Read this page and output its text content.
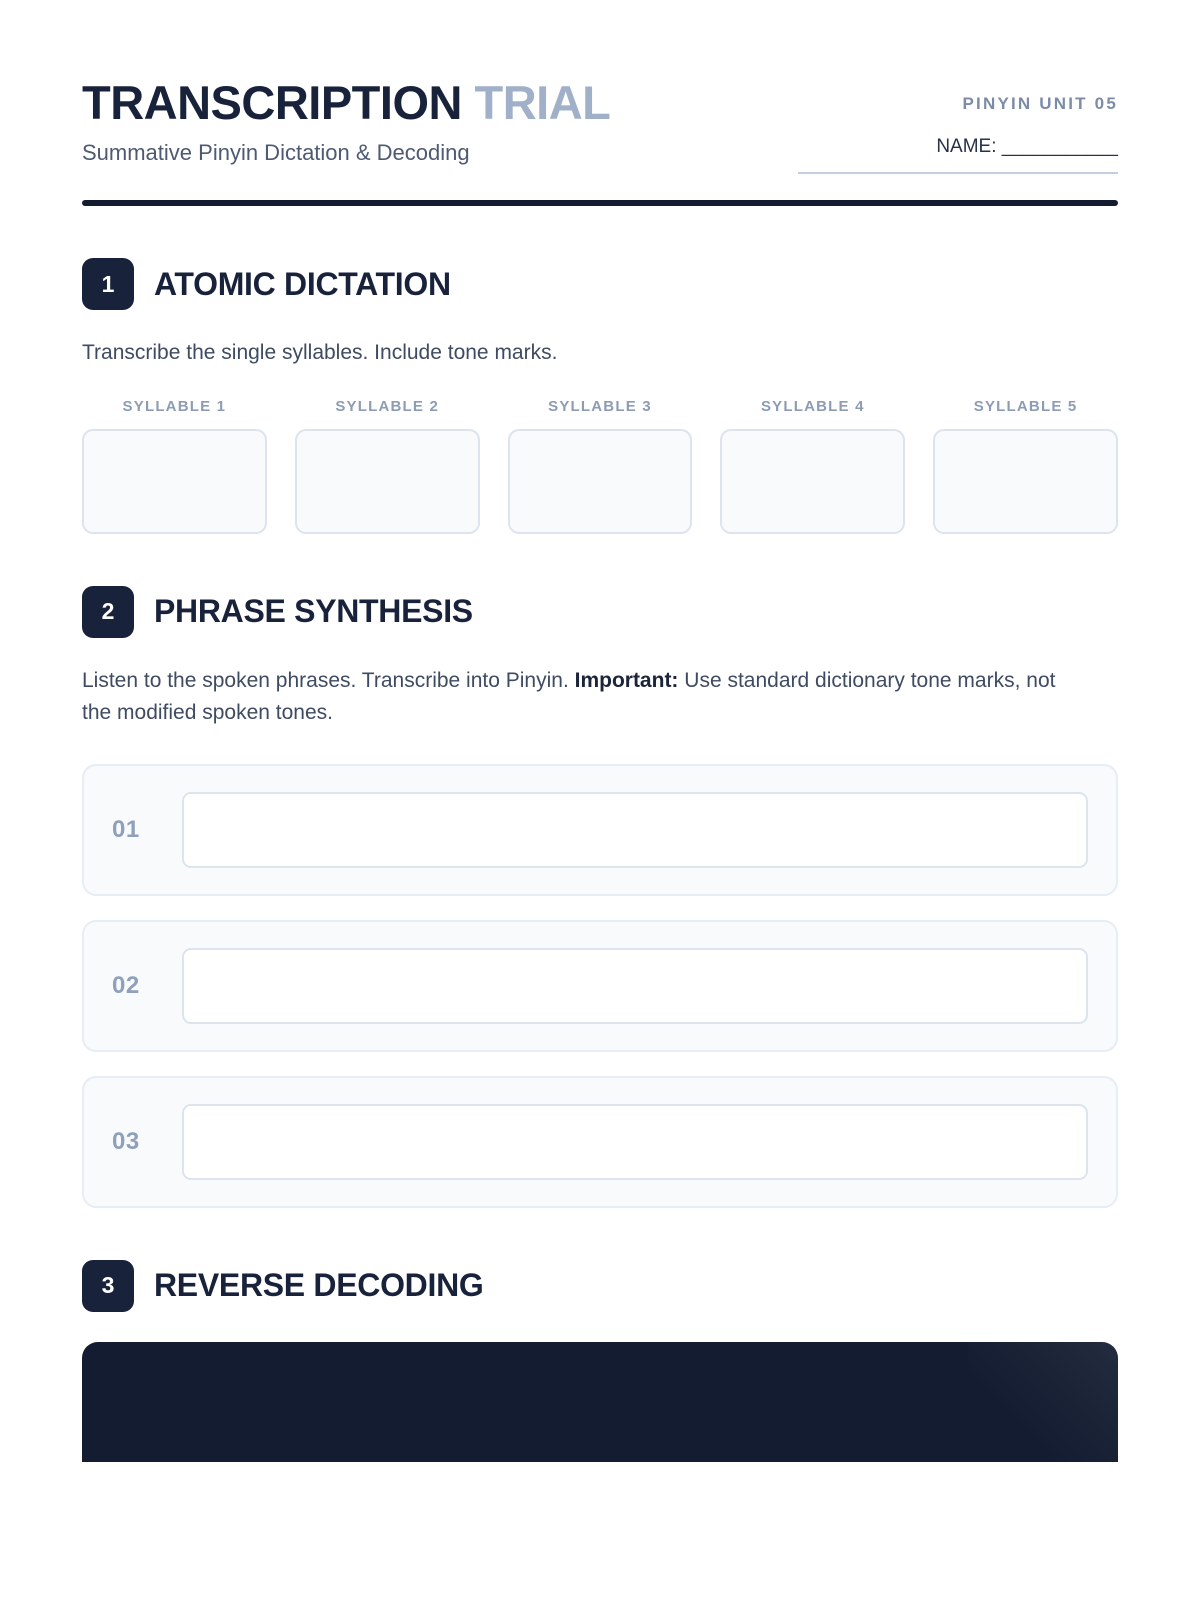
TRANSCRIPTION TRIAL
Summative Pinyin Dictation & Decoding
PINYIN UNIT 05
NAME: ___________
1	ATOMIC DICTATION
Transcribe the single syllables. Include tone marks.
SYLLABLE 1	SYLLABLE 2	SYLLABLE 3	SYLLABLE 4	SYLLABLE 5
2	PHRASE SYNTHESIS
Listen to the spoken phrases. Transcribe into Pinyin. Important: Use standard dictionary tone marks, not the modified spoken tones.
01
02
03
3	REVERSE DECODING
